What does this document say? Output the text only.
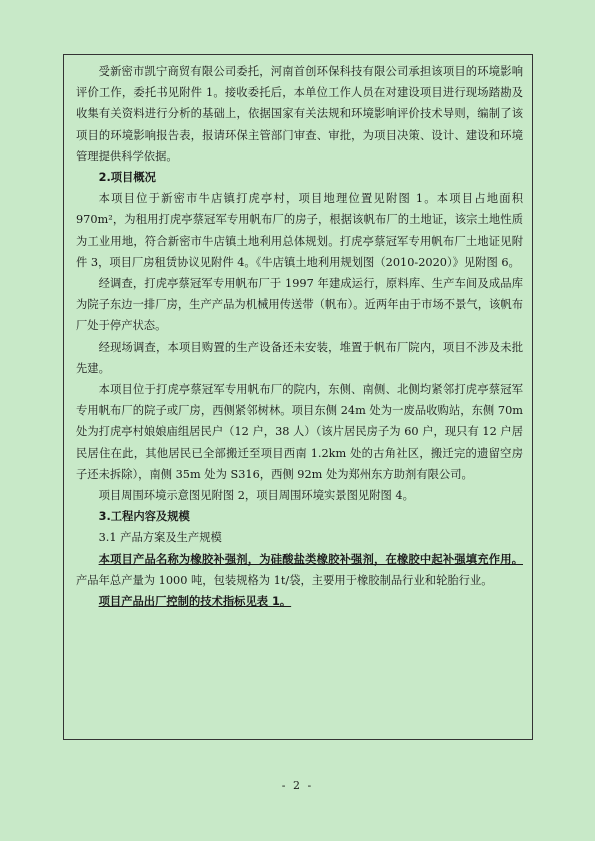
受新密市凯宁商贸有限公司委托，河南首创环保科技有限公司承担该项目的环境影响评价工作，委托书见附件 1。接收委托后，本单位工作人员在对建设项目进行现场踏勘及收集有关资料进行分析的基础上，依据国家有关法规和环境影响评价技术导则，编制了该项目的环境影响报告表，报请环保主管部门审查、审批，为项目决策、设计、建设和环境管理提供科学依据。

2.项目概况

本项目位于新密市牛店镇打虎亭村，项目地理位置见附图 1。本项目占地面积 970m²，为租用打虎亭蔡冠军专用帆布厂的房子，根据该帆布厂的土地证，该宗土地性质为工业用地，符合新密市牛店镇土地利用总体规划。打虎亭蔡冠军专用帆布厂土地证见附件 3，项目厂房租赁协议见附件 4。《牛店镇土地利用规划图（2010-2020）》见附图 6。

经调查，打虎亭蔡冠军专用帆布厂于 1997 年建成运行，原料库、生产车间及成品库为院子东边一排厂房，生产产品为机械用传送带（帆布）。近两年由于市场不景气，该帆布厂处于停产状态。

经现场调查，本项目购置的生产设备还未安装，堆置于帆布厂院内，项目不涉及未批先建。

本项目位于打虎亭蔡冠军专用帆布厂的院内，东侧、南侧、北侧均紧邻打虎亭蔡冠军专用帆布厂的院子或厂房，西侧紧邻树林。项目东侧 24m 处为一废品收购站，东侧 70m 处为打虎亭村娘娘庙组居民户（12 户，38 人）（该片居民房子为 60 户，现只有 12 户居民居住在此，其他居民已全部搬迁至项目西南 1.2km 处的古角社区，搬迁完的遗留空房子还未拆除），南侧 35m 处为 S316，西侧 92m 处为郑州东方助剂有限公司。

项目周围环境示意图见附图 2，项目周围环境实景图见附图 4。

3.工程内容及规模

3.1 产品方案及生产规模

本项目产品名称为橡胶补强剂，为硅酸盐类橡胶补强剂，在橡胶中起补强填充作用。产品年总产量为 1000 吨，包装规格为 1t/袋，主要用于橡胶制品行业和轮胎行业。

项目产品出厂控制的技术指标见表 1。

- 2 -
